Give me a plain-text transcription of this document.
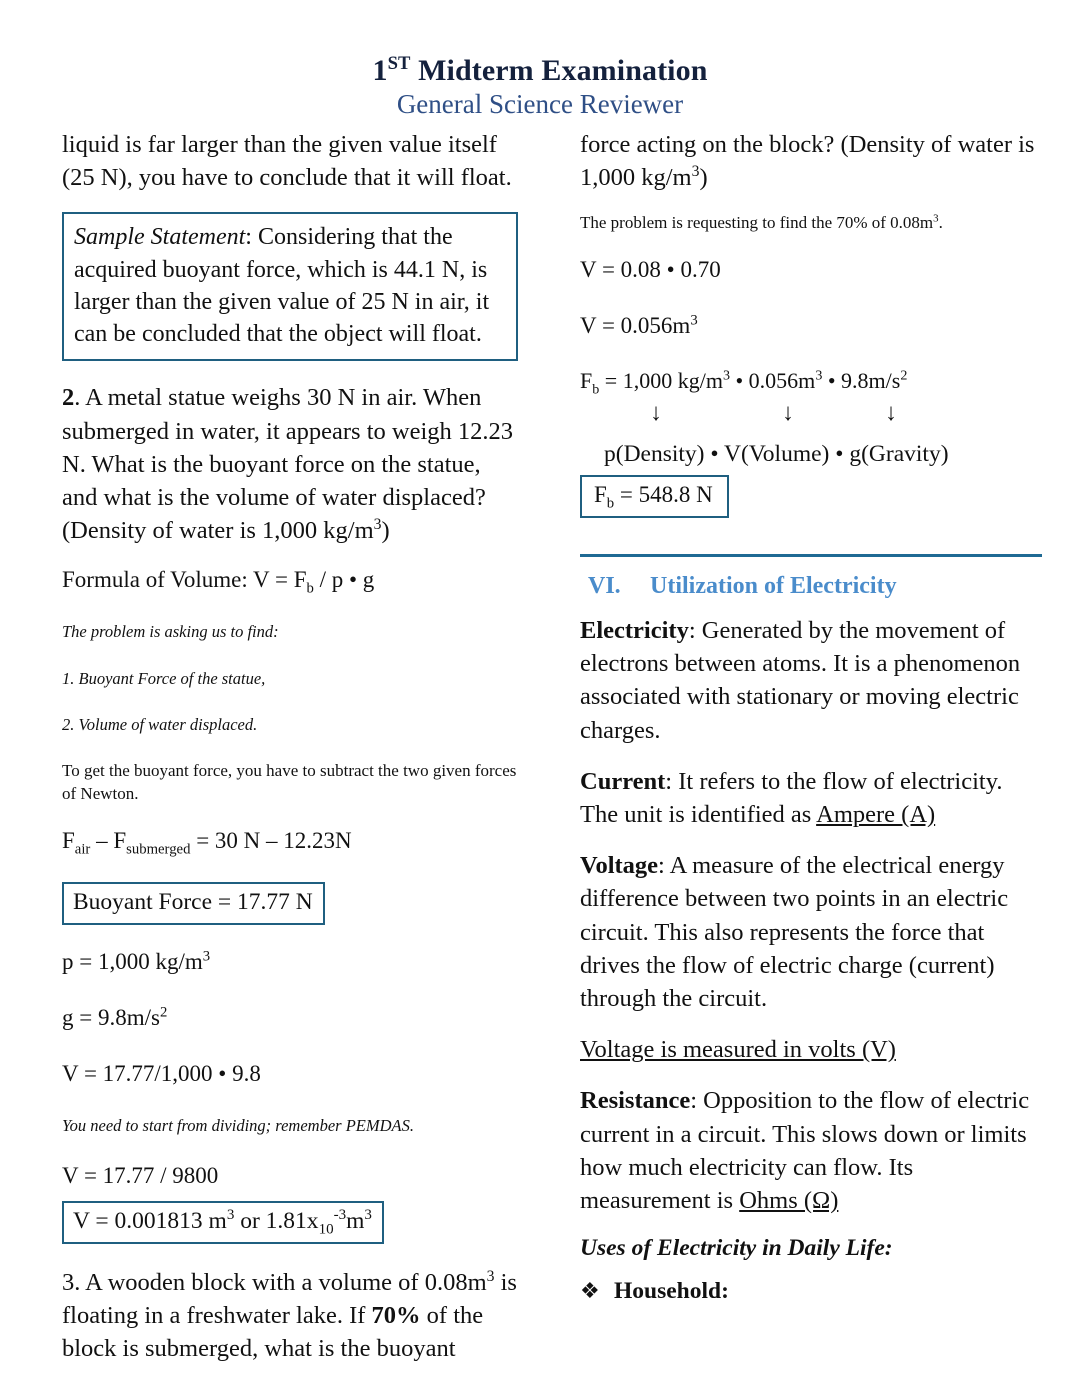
1ST Midterm Examination
General Science Reviewer

liquid is far larger than the given value itself (25 N), you have to conclude that it will float.

Sample Statement: Considering that the acquired buoyant force, which is 44.1 N, is larger than the given value of 25 N in air, it can be concluded that the object will float.

2. A metal statue weighs 30 N in air. When submerged in water, it appears to weigh 12.23 N. What is the buoyant force on the statue, and what is the volume of water displaced? (Density of water is 1,000 $kg/m^3$)

Formula of Volume: $V = F_b / p$ • g

The problem is asking us to find:

1. Buoyant Force of the statue,

2. Volume of water displaced.

To get the buoyant force, you have to subtract the two given forces of Newton.

$F_{air} - F_{submerged} = 30$ N – 12.23N

Buoyant Force = 17.77 N

p = 1,000 $kg/m^3$

$g = 9.8m/s^2$

V = 17.77/1,000 • 9.8

You need to start from dividing; remember PEMDAS.

V = 17.77 / 9800

V = 0.001813 $m^3$ or $1.81x_{10}^{-3}m^3$

3. A wooden block with a volume of $0.08m^3$ is floating in a freshwater lake. If 70% of the block is submerged, what is the buoyant

force acting on the block? (Density of water is 1,000 $kg/m^3$)

The problem is requesting to find the 70% of $0.08m^3$.

V = 0.08 • 0.70

$V = 0.056m^3$

$F_b = 1,000$ $kg/m^3$ • $0.056m^3$ • $9.8m/s^2$

↓	↓	↓

p(Density) • V(Volume) • g(Gravity)

$F_b = 548.8$ N
VI.	Utilization of Electricity

Electricity: Generated by the movement of electrons between atoms. It is a phenomenon associated with stationary or moving electric charges.

Current: It refers to the flow of electricity. The unit is identified as Ampere (A)

Voltage: A measure of the electrical energy difference between two points in an electric circuit. This also represents the force that drives the flow of electric charge (current) through the circuit.

Voltage is measured in volts (V)

Resistance: Opposition to the flow of electric current in a circuit. This slows down or limits how much electricity can flow. Its measurement is Ohms (Ω)

Uses of Electricity in Daily Life:

❖ Household:
